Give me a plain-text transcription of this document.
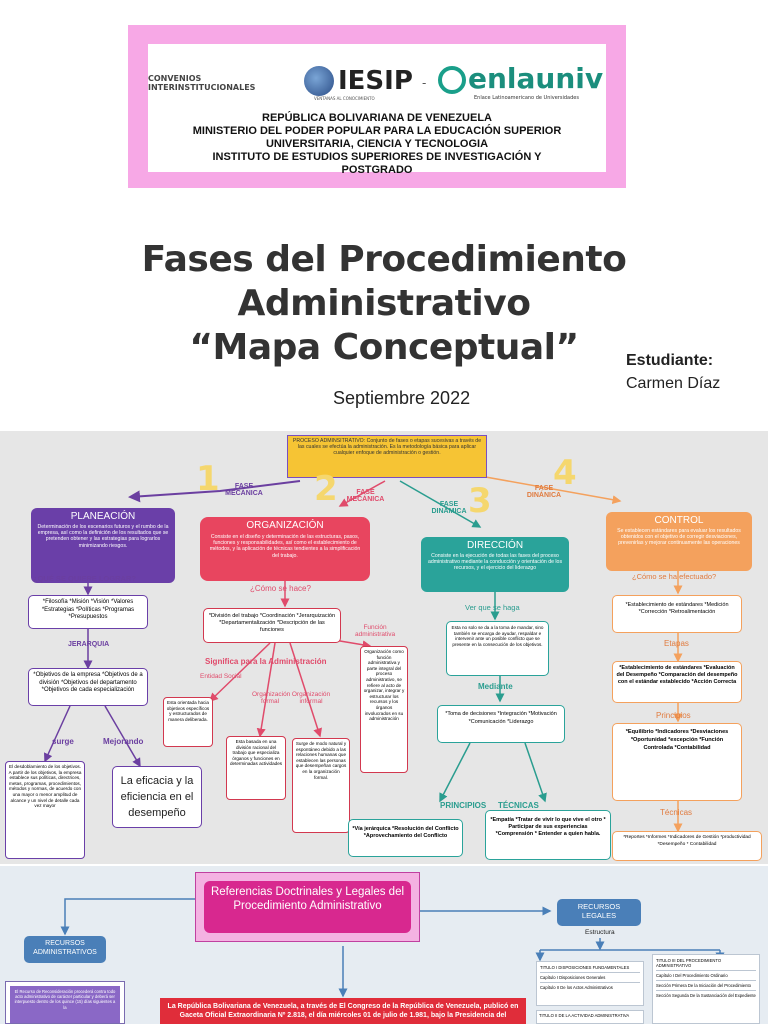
CONVENIOS INTERINSTITUCIONALES	IESIP
VENTANAS AL CONOCIMIENTO
- enlauniv
Enlace Latinoamericano de Universidades
REPÚBLICA BOLIVARIANA DE VENEZUELA
MINISTERIO DEL PODER POPULAR PARA LA EDUCACIÓN SUPERIOR
UNIVERSITARIA, CIENCIA Y TECNOLOGIA
INSTITUTO DE ESTUDIOS SUPERIORES DE INVESTIGACIÓN Y
POSTGRADO
Fases del Procedimiento Administrativo
“Mapa Conceptual”	Estudiante:
Carmen Díaz
Septiembre 2022
PROCESO ADMINSITRATIVO: Conjunto de fases o etapas sucesivas a través de las cuales se efectúa la administración. Es la metodología básica para aplicar cualquier enfoque de administración o gestión.
1	FASE MECÁNICA 2	FASE MECÁNICA 3
FASE DINÁMICA
4
FASE DINÁNICA
PLANEACIÓN
Determinación de los escenarios futuros y el rumbo de la empresa, así como la definición de los resultados que se pretenden obtener y las estrategias para lograrlos minimizando riesgos.
¿QUÉ SE QUIERE LOGRAR?
*Filosofía *Misión *Visión *Valores *Estrategias *Políticas *Programas *Presupuestos
JERARQUIA
*Objetivos de la empresa *Objetivos de a división *Objetivos del departamento *Objetivos de cada especialización
surge	Mejorando
El desdoblamiento de los objetivos. A partir de los objetivos, la empresa establece sus políticas, directrices, metas, programas, procedimientos, métodos y normas, de acuerdo con una mayor o menor amplitud de alcance y un nivel de detalle cada vez mayor
La eficacia y la eficiencia en el desempeño
ORGANIZACIÓN
Consiste en el diseño y determinación de las estructuras, pasos, funciones y responsabilidades, así como el establecimiento de métodos, y la aplicación de técnicas tendientes a la simplificación del trabajo.
¿Cómo se hace?
*División del trabajo *Coordinación *Jerarquización *Departamentalización *Descripción de las funciones
Significa para la Administración
Entidad Social
Esta orientada hacia objetivos específicos y estructurados de manera deliberada.
Organización formal
Esta basada en una división racional del trabajo que especializa órganos y funciones en determinadas actividades
Organización informal
Surge de modo natural y espontáneo debido a las relaciones humanas que establecen las personas que desempeñan cargos en la organización formal.
Función administrativa
Organización como función administrativa y parte integral del proceso administrativo, se refiere al acto de organizar, integrar y estructurar los recursos y los órganos involucrados en su administración
DIRECCIÓN
Consiste en la ejecución de todas las fases del proceso administrativo mediante la conducción y orientación de los recursos, y el ejercicio del liderazgo
Ver que se haga
Esta no solo se da a la toma de mandar, sino también se encarga de ayudar, respaldar e intervenir ante un posible conflicto que se presente en la consecución de los objetivos.
Mediante
*Toma de decisiones *Integración *Motivación *Comunicación *Liderazgo
PRINCIPIOS TÉCNICAS
*Vía jerárquica *Resolución del Conflicto *Aprovechamiento del Conflicto
*Empatía *Tratar de vivir lo que vive el otro * Participar de sus experiencias *Comprensión * Entender a quien habla.
CONTROL
Se establecen estándares para evaluar los resultados obtenidos con el objetivo de corregir desviaciones, prevenirlas y mejorar continuamente las operaciones
¿Cómo se ha efectuado?
*Establecimiento de estándares *Medición *Corrección *Retroalimentación
Etapas
*Establecimiento de estándares *Evaluación del Desempeño *Comparación del desempeño con el estándar establecido *Acción Correcta
Principios
*Equilibrio *Indicadores *Desviaciones *Oportunidad *excepción *Función Controlada *Contabilidad
Técnicas
*Reportes *Informes *Indicadores de Gestión *productividad *Desempeño * Contabilidad
Referencias Doctrinales y Legales del Procedimiento Administrativo	RECURSOS LEGALES
Estructura
RECURSOS ADMINISTRATIVOS
El Recurso de Reconsideración procederá contra todo acto administrativo de carácter particular y deberá ser interpuesto dentro de los quince (15) días siguientes a la	La República Bolivariana de Venezuela, a través de El Congreso de la República de Venezuela, publicó en Gaceta Oficial Extraordinaria Nº 2.818, el día miércoles 01 de julio de 1.981, bajo la Presidencia del
TITULO I DISPOSICIONES FUNDAMENTALES
Capítulo I Disposiciones Generales
Capítulo II De los Actos Administrativos
TITULO II DE LA ACTIVIDAD ADMINISTRATIVA
TITULO III DEL PROCEDIMIENTO ADMINISTRATIVO
Capítulo I Del Procedimiento Ordinario
Sección Primera De la Iniciación del Procedimiento
Sección Segunda De la Sustanciación del Expediente
